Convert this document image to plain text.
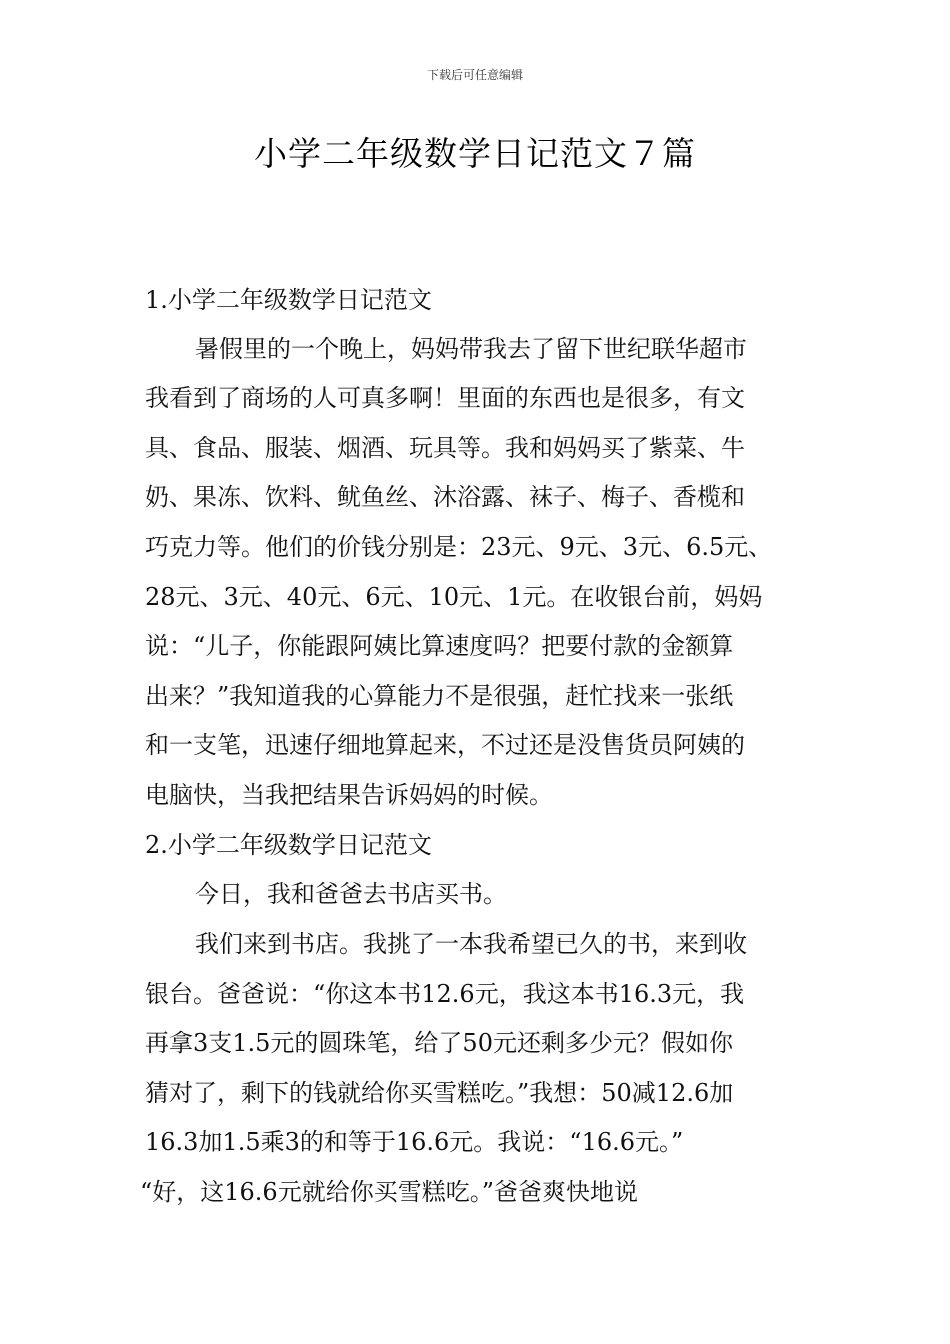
下载后可任意编辑
小学二年级数学日记范文７篇
1.小学二年级数学日记范文
暑假里的一个晚上，妈妈带我去了留下世纪联华超市
我看到了商场的人可真多啊！里面的东西也是很多，有文
具、食品、服装、烟酒、玩具等。我和妈妈买了紫菜、牛
奶、果冻、饮料、鱿鱼丝、沐浴露、袜子、梅子、香榄和
巧克力等。他们的价钱分别是：23元、9元、3元、6.5元、
28元、3元、40元、6元、10元、1元。在收银台前，妈妈
说：“儿子，你能跟阿姨比算速度吗？把要付款的金额算
出来？”我知道我的心算能力不是很强，赶忙找来一张纸
和一支笔，迅速仔细地算起来，不过还是没售货员阿姨的
电脑快，当我把结果告诉妈妈的时候。
2.小学二年级数学日记范文
今日，我和爸爸去书店买书。
我们来到书店。我挑了一本我希望已久的书，来到收
银台。爸爸说：“你这本书12.6元，我这本书16.3元，我
再拿3支1.5元的圆珠笔，给了50元还剩多少元？假如你
猜对了，剩下的钱就给你买雪糕吃。”我想：50减12.6加
16.3加1.5乘3的和等于16.6元。我说：“16.6元。”
“好，这16.6元就给你买雪糕吃。”爸爸爽快地说
